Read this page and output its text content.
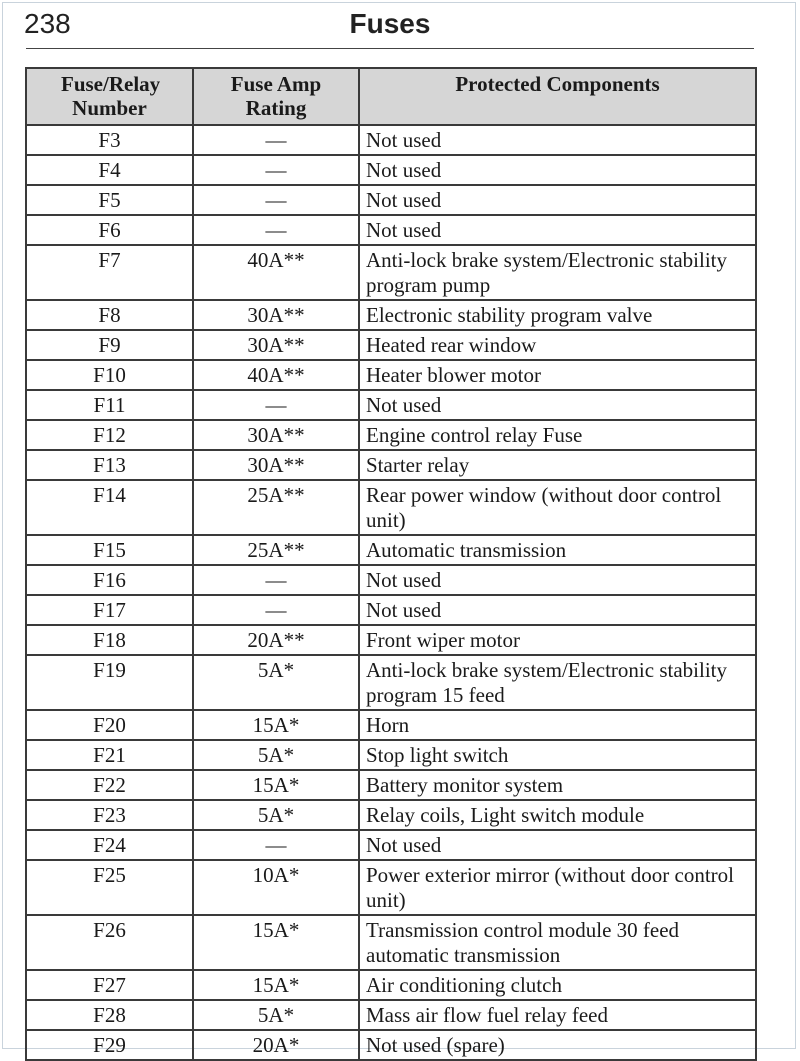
238	Fuses
Fuse/Relay Number	Fuse Amp Rating	Protected Components
F3	—	Not used
F4	—	Not used
F5	—	Not used
F6	—	Not used
F7	40A**	Anti-lock brake system/Electronic stability program pump
F8	30A**	Electronic stability program valve
F9	30A**	Heated rear window
F10	40A**	Heater blower motor
F11	—	Not used
F12	30A**	Engine control relay Fuse
F13	30A**	Starter relay
F14	25A**	Rear power window (without door control unit)
F15	25A**	Automatic transmission
F16	—	Not used
F17	—	Not used
F18	20A**	Front wiper motor
F19	5A*	Anti-lock brake system/Electronic stability program 15 feed
F20	15A*	Horn
F21	5A*	Stop light switch
F22	15A*	Battery monitor system
F23	5A*	Relay coils, Light switch module
F24	—	Not used
F25	10A*	Power exterior mirror (without door control unit)
F26	15A*	Transmission control module 30 feed automatic transmission
F27	15A*	Air conditioning clutch
F28	5A*	Mass air flow fuel relay feed
F29	20A*	Not used (spare)
